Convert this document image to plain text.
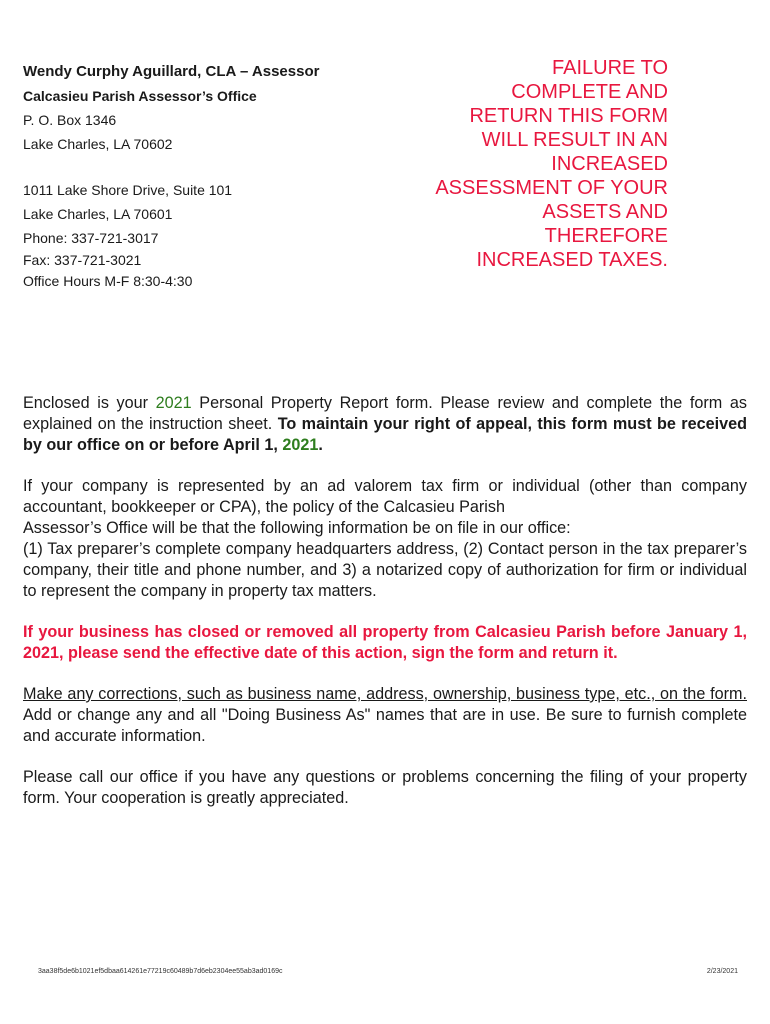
Wendy Curphy Aguillard, CLA – Assessor
Calcasieu Parish Assessor’s Office
P. O. Box 1346
Lake Charles, LA 70602
1011 Lake Shore Drive, Suite 101
Lake Charles, LA 70601
Phone: 337-721-3017
Fax: 337-721-3021
Office Hours M-F 8:30-4:30
FAILURE TO
COMPLETE AND
RETURN THIS FORM
WILL RESULT IN AN
INCREASED
ASSESSMENT OF YOUR
ASSETS AND
THEREFORE
INCREASED TAXES.

Enclosed is your 2021 Personal Property Report form. Please review and complete the form as explained on the instruction sheet. To maintain your right of appeal, this form must be received by our office on or before April 1, 2021.

If your company is represented by an ad valorem tax firm or individual (other than company accountant, bookkeeper or CPA), the policy of the Calcasieu Parish

Assessor’s Office will be that the following information be on file in our office:

(1) Tax preparer’s complete company headquarters address, (2) Contact person in the tax preparer’s company, their title and phone number, and 3) a notarized copy of authorization for firm or individual to represent the company in property tax matters.

If your business has closed or removed all property from Calcasieu Parish before January 1, 2021, please send the effective date of this action, sign the form and return it.

Make any corrections, such as business name, address, ownership, business type, etc., on the form. Add or change any and all "Doing Business As" names that are in use. Be sure to furnish complete and accurate information.

Please call our office if you have any questions or problems concerning the filing of your property form. Your cooperation is greatly appreciated.

3aa38f5de6b1021ef5dbaa614261e77219c60489b7d6eb2304ee55ab3ad0169c	2/23/2021
